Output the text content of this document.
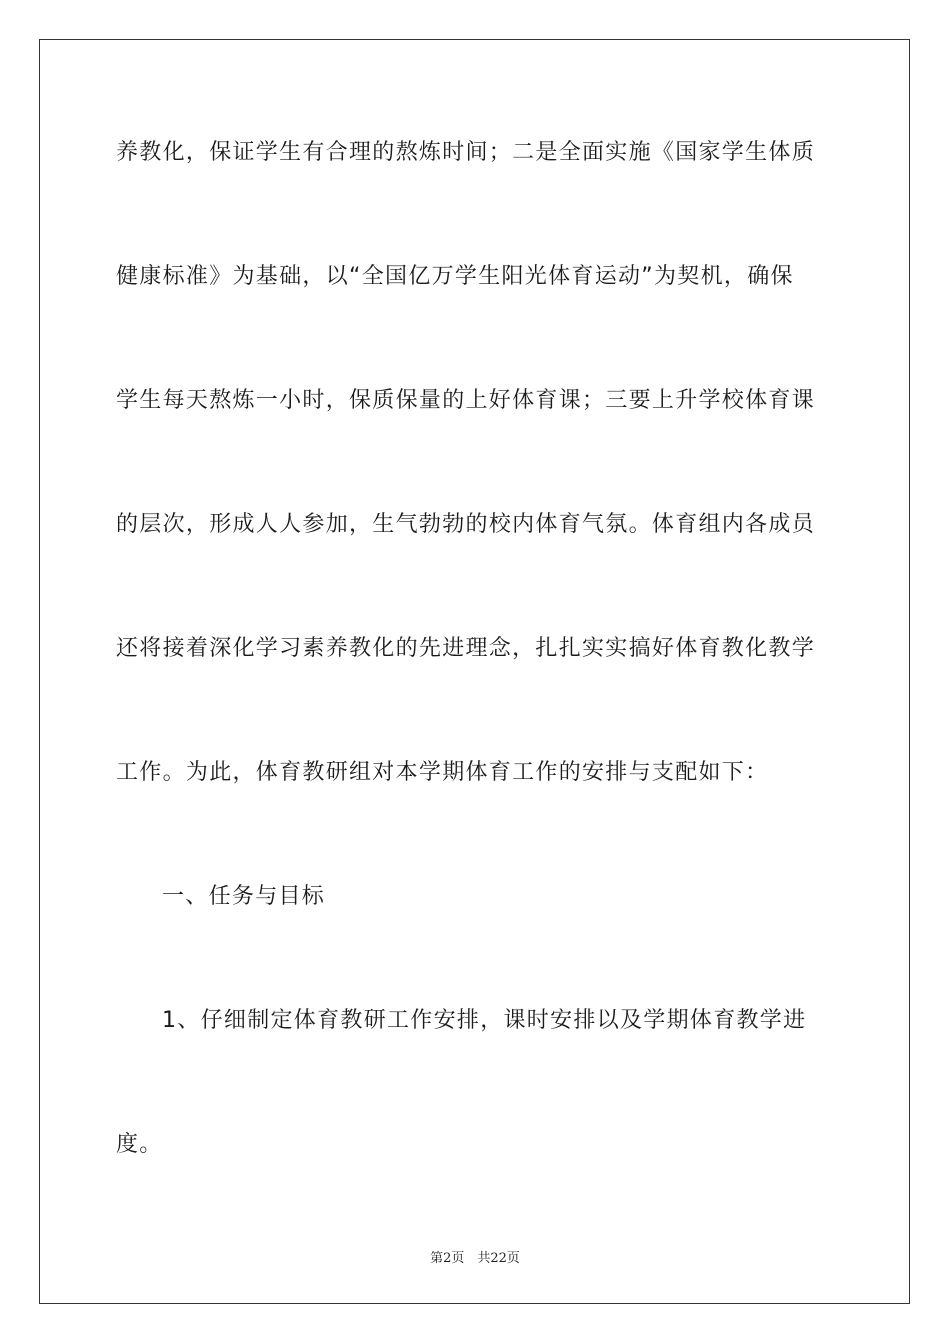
养教化，保证学生有合理的熬炼时间；二是全面实施《国家学生体质
健康标准》为基础，以“全国亿万学生阳光体育运动”为契机，确保
学生每天熬炼一小时，保质保量的上好体育课；三要上升学校体育课
的层次，形成人人参加，生气勃勃的校内体育气氛。体育组内各成员
还将接着深化学习素养教化的先进理念，扎扎实实搞好体育教化教学
工作。为此，体育教研组对本学期体育工作的安排与支配如下：
一、任务与目标
1、仔细制定体育教研工作安排，课时安排以及学期体育教学进
度。
第2页　共22页
